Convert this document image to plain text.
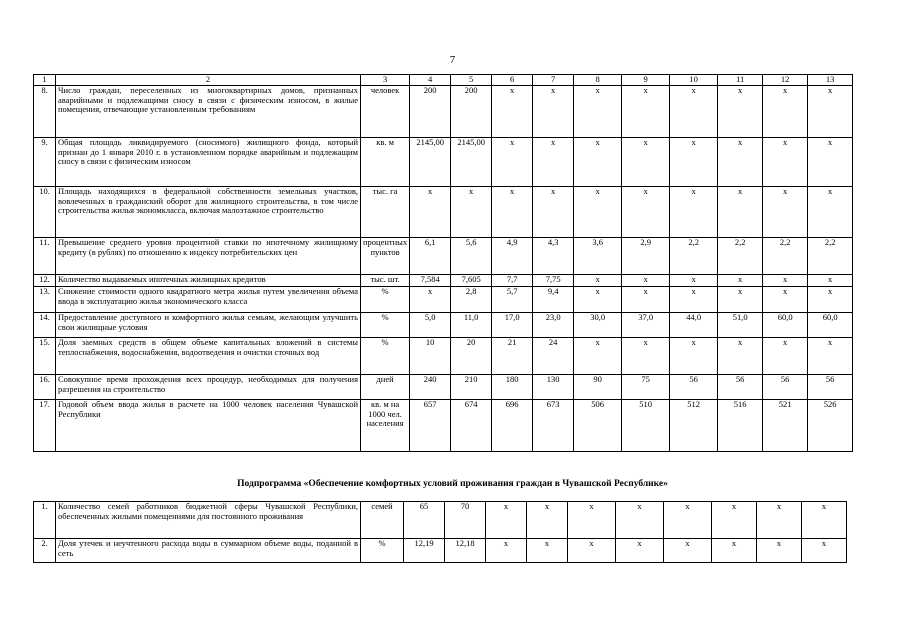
7
1	2	3	4	5	6	7	8	9	10	11	12	13
8.	Число граждан, переселенных из многоквартирных домов, признанных аварийными и подлежащими сносу в связи с физическим износом, в жилые помещения, отвечающие установленным требованиям	человек	200	200	x	x	x	x	x	x	x	x
9.	Общая площадь ликвидируемого (сносимого) жилищного фонда, который признан до 1 января 2010 г. в установленном порядке аварийным и подлежащим сносу в связи с физическим износом	кв. м	2145,00	2145,00	x	x	x	x	x	x	x	x
10.	Площадь находящихся в федеральной собственности земельных участков, вовлеченных в гражданский оборот для жилищного строительства, в том числе строительства жилья экономкласса, включая малоэтажное строительство	тыс. га	x	x	x	x	x	x	x	x	x	x
11.	Превышение среднего уровня процентной ставки по ипотечному жилищному кредиту (в рублях) по отношению к индексу потребительских цен	процентных пунктов	6,1	5,6	4,9	4,3	3,6	2,9	2,2	2,2	2,2	2,2
12.	Количество выдаваемых ипотечных жилищных кредитов	тыс. шт.	7,584	7,605	7,7	7,75	x	x	x	x	x	x
13.	Снижение стоимости одного квадратного метра жилья путем увеличения объема ввода в эксплуатацию жилья экономического класса	%	x	2,8	5,7	9,4	x	x	x	x	x	x
14.	Предоставление доступного и комфортного жилья семьям, желающим улучшить свои жилищные условия	%	5,0	11,0	17,0	23,0	30,0	37,0	44,0	51,0	60,0	60,0
15.	Доля заемных средств в общем объеме капитальных вложений в системы теплоснабжения, водоснабжения, водоотведения и очистки сточных вод	%	10	20	21	24	x	x	x	x	x	x
16.	Совокупное время прохождения всех процедур, необходимых для получения разрешения на строительство	дней	240	210	180	130	90	75	56	56	56	56
17.	Годовой объем ввода жилья в расчете на 1000 человек населения Чувашской Республики	кв. м на 1000 чел. населения	657	674	696	673	506	510	512	516	521	526
Подпрограмма «Обеспечение комфортных условий проживания граждан в Чувашской Республике»
1.	Количество семей работников бюджетной сферы Чувашской Республики, обеспеченных жилыми помещениями для постоянного проживания	семей	65	70	x	x	x	x	x	x	x	x
2.	Доля утечек и неучтенного расхода воды в суммарном объеме воды, поданной в сеть	%	12,19	12,18	x	x	x	x	x	x	x	x
